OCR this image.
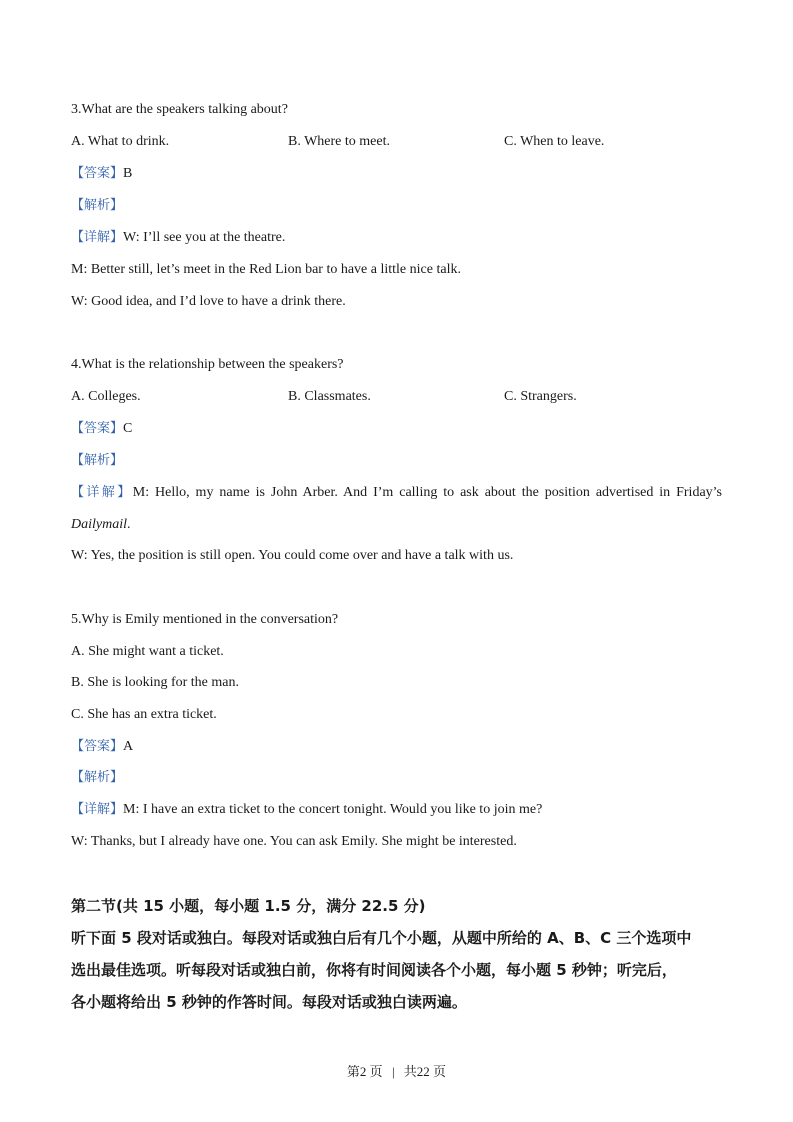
3.What are the speakers talking about?
A. What to drink.	B. Where to meet.	C. When to leave.
【答案】B
【解析】
【详解】W: I’ll see you at the theatre.
M: Better still, let’s meet in the Red Lion bar to have a little nice talk.
W: Good idea, and I’d love to have a drink there.
4.What is the relationship between the speakers?
A. Colleges.	B. Classmates.	C. Strangers.
【答案】C
【解析】
【详解】M: Hello, my name is John Arber. And I’m calling to ask about the position advertised in Friday’s
Dailymail.
W: Yes, the position is still open. You could come over and have a talk with us.
5.Why is Emily mentioned in the conversation?
A. She might want a ticket.
B. She is looking for the man.
C. She has an extra ticket.
【答案】A
【解析】
【详解】M: I have an extra ticket to the concert tonight. Would you like to join me?
W: Thanks, but I already have one. You can ask Emily. She might be interested.
第二节(共 15 小题，每小题 1.5 分，满分 22.5 分)
听下面 5 段对话或独白。每段对话或独白后有几个小题，从题中所给的 A、B、C 三个选项中
选出最佳选项。听每段对话或独白前，你将有时间阅读各个小题，每小题 5 秒钟；听完后，
各小题将给出 5 秒钟的作答时间。每段对话或独白读两遍。
第2 页 | 共22 页
